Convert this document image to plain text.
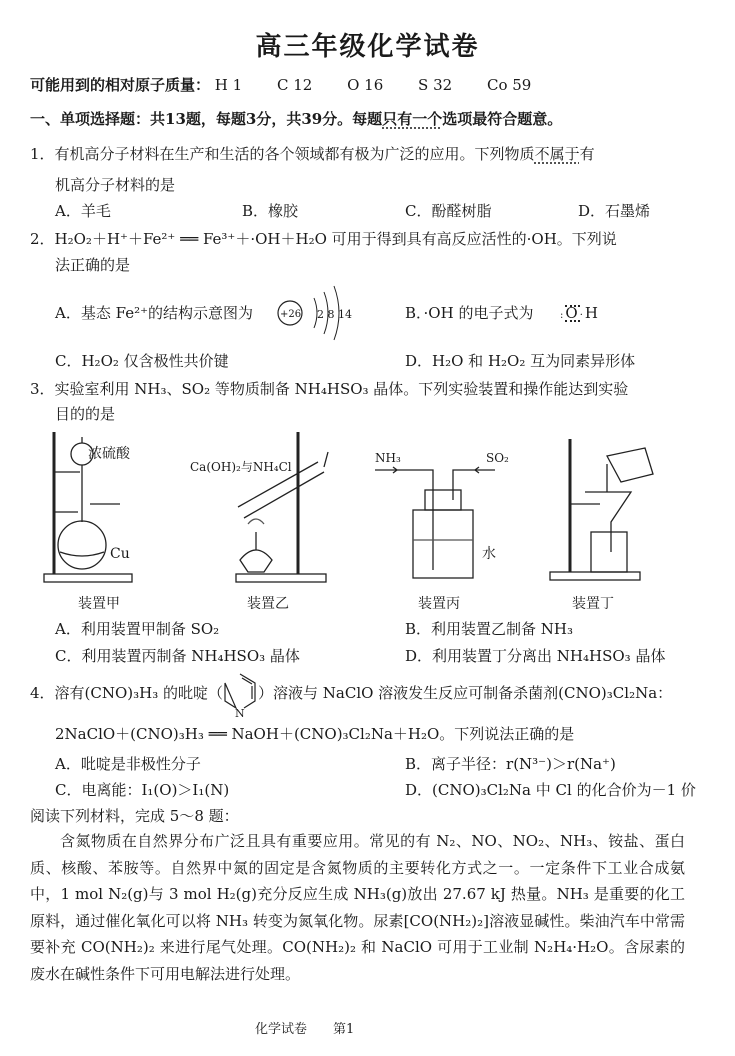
高三年级化学试卷
可能用到的相对原子质量： H 1   C 12   O 16   S 32   Co 59
一、单项选择题：共13题，每题3分，共39分。每题只有一个选项最符合题意。
1．有机高分子材料在生产和生活的各个领域都有极为广泛的应用。下列物质不属于有
机高分子材料的是
A．羊毛	B．橡胶	C．酚醛树脂	D．石墨烯
2．H₂O₂＋H⁺＋Fe²⁺ ══ Fe³⁺＋·OH＋H₂O 可用于得到具有高反应活性的·OH。下列说
法正确的是
A．基态 Fe²⁺的结构示意图为	+26 2 8 14	B．·OH 的电子式为	:O·H
C．H₂O₂ 仅含极性共价键	D．H₂O 和 H₂O₂ 互为同素异形体
3．实验室利用 NH₃、SO₂ 等物质制备 NH₄HSO₃ 晶体。下列实验装置和操作能达到实验
目的的是
浓硫酸
Cu
Ca(OH)₂与NH₄Cl
NH₃	SO₂
水
装置甲	装置乙	装置丙	装置丁
A．利用装置甲制备 SO₂	B．利用装置乙制备 NH₃
C．利用装置丙制备 NH₄HSO₃ 晶体	D．利用装置丁分离出 NH₄HSO₃ 晶体
4．溶有(CNO)₃H₃ 的吡啶（
N
）溶液与 NaClO 溶液发生反应可制备杀菌剂(CNO)₃Cl₂Na：
2NaClO＋(CNO)₃H₃ ══ NaOH＋(CNO)₃Cl₂Na＋H₂O。下列说法正确的是
A．吡啶是非极性分子	B．离子半径：r(N³⁻)＞r(Na⁺)
C．电离能：I₁(O)＞I₁(N)	D．(CNO)₃Cl₂Na 中 Cl 的化合价为－1 价
阅读下列材料，完成 5～8 题：
含氮物质在自然界分布广泛且具有重要应用。常见的有 N₂、NO、NO₂、NH₃、铵盐、蛋白质、核酸、苯胺等。自然界中氮的固定是含氮物质的主要转化方式之一。一定条件下工业合成氨中，1 mol N₂(g)与 3 mol H₂(g)充分反应生成 NH₃(g)放出 27.67 kJ 热量。NH₃ 是重要的化工原料，通过催化氧化可以将 NH₃ 转变为氮氧化物。尿素[CO(NH₂)₂]溶液显碱性。柴油汽车中常需要补充 CO(NH₂)₂ 来进行尾气处理。CO(NH₂)₂ 和 NaClO 可用于工业制 N₂H₄·H₂O。含尿素的废水在碱性条件下可用电解法进行处理。
化学试卷   第1
